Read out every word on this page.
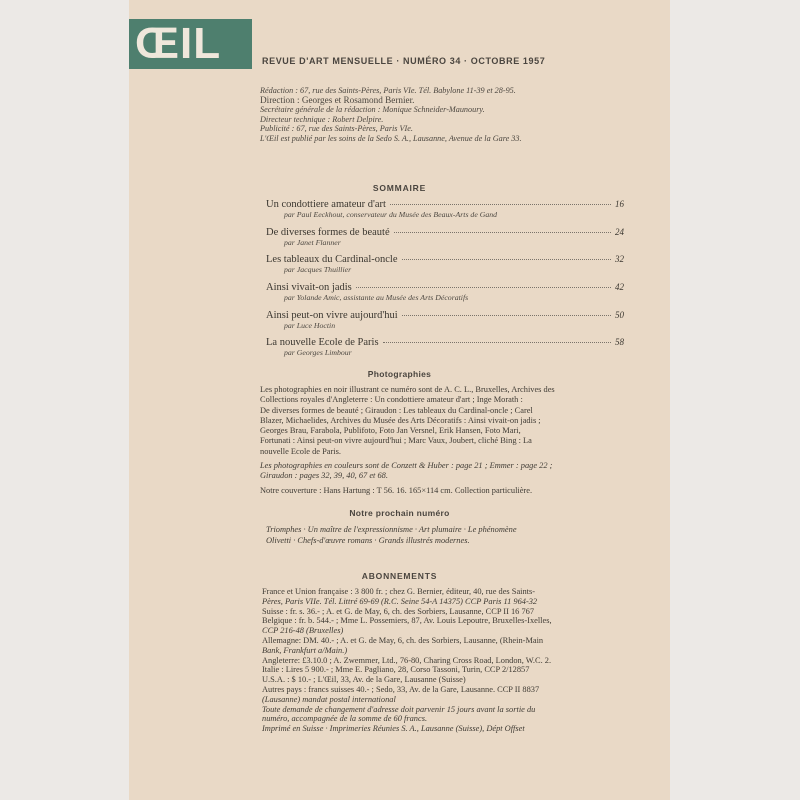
ŒIL	REVUE D'ART MENSUELLE · NUMÉRO 34 · OCTOBRE 1957
Rédaction : 67, rue des Saints-Pères, Paris VIe. Tél. Babylone 11-39 et 28-95.
Direction : Georges et Rosamond Bernier.
Secrétaire générale de la rédaction : Monique Schneider-Maunoury.
Directeur technique : Robert Delpire.
Publicité : 67, rue des Saints-Pères, Paris VIe.
L'Œil est publié par les soins de la Sedo S. A., Lausanne, Avenue de la Gare 33.
SOMMAIRE
Un condottiere amateur d'art	16
par Paul Eeckhout, conservateur du Musée des Beaux-Arts de Gand
De diverses formes de beauté	24
par Janet Flanner
Les tableaux du Cardinal-oncle	32
par Jacques Thuillier
Ainsi vivait-on jadis	42
par Yolande Amic, assistante au Musée des Arts Décoratifs
Ainsi peut-on vivre aujourd'hui	50
par Luce Hoctin
La nouvelle Ecole de Paris	58
par Georges Limbour
Photographies
Les photographies en noir illustrant ce numéro sont de A. C. L., Bruxelles, Archives des
Collections royales d'Angleterre : Un condottiere amateur d'art ; Inge Morath :
De diverses formes de beauté ; Giraudon : Les tableaux du Cardinal-oncle ; Carel
Blazer, Michaelides, Archives du Musée des Arts Décoratifs : Ainsi vivait-on jadis ;
Georges Brau, Farabola, Publifoto, Foto Jan Versnel, Erik Hansen, Foto Mari,
Fortunati : Ainsi peut-on vivre aujourd'hui ; Marc Vaux, Joubert, cliché Bing : La
nouvelle Ecole de Paris.
Les photographies en couleurs sont de Conzett & Huber : page 21 ; Emmer : page 22 ;
Giraudon : pages 32, 39, 40, 67 et 68.
Notre couverture : Hans Hartung : T 56. 16. 165×114 cm. Collection particulière.
Notre prochain numéro
Triomphes · Un maître de l'expressionnisme · Art plumaire · Le phénomène
Olivetti · Chefs-d'œuvre romans · Grands illustrés modernes.
ABONNEMENTS
France et Union française : 3 800 fr. ; chez G. Bernier, éditeur, 40, rue des Saints-
Pères, Paris VIIe. Tél. Littré 69-69 (R.C. Seine 54-A 14375) CCP Paris 11 964-32
Suisse : fr. s. 36.- ; A. et G. de May, 6, ch. des Sorbiers, Lausanne, CCP II 16 767
Belgique : fr. b. 544.- ; Mme L. Possemiers, 87, Av. Louis Lepoutre, Bruxelles-Ixelles,
CCP 216-48 (Bruxelles)
Allemagne: DM. 40.- ; A. et G. de May, 6, ch. des Sorbiers, Lausanne, (Rhein-Main
Bank, Frankfurt a/Main.)
Angleterre: £3.10.0 ; A. Zwemmer, Ltd., 76-80, Charing Cross Road, London, W.C. 2.
Italie : Lires 5 900.- ; Mme E. Pagliano, 28, Corso Tassoni, Turin, CCP 2/12857
U.S.A. : $ 10.- ; L'Œil, 33, Av. de la Gare, Lausanne (Suisse)
Autres pays : francs suisses 40.- ; Sedo, 33, Av. de la Gare, Lausanne. CCP II 8837
(Lausanne) mandat postal international
Toute demande de changement d'adresse doit parvenir 15 jours avant la sortie du
numéro, accompagnée de la somme de 60 francs.
Imprimé en Suisse · Imprimeries Réunies S. A., Lausanne (Suisse), Dépt Offset
